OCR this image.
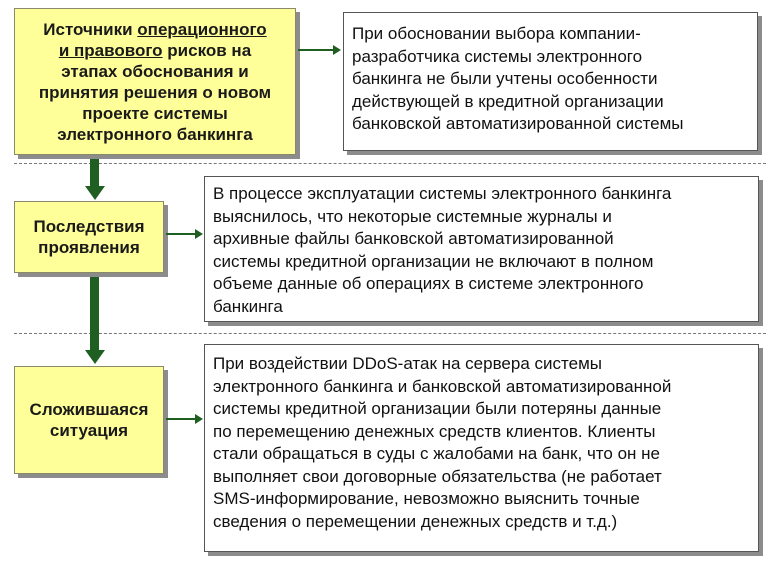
Источники операционного
и правового рисков на
этапах обоснования и
принятия решения о новом
проекте системы
электронного банкинга
При обосновании выбора компании-
разработчика системы электронного
банкинга не были учтены особенности
действующей в кредитной организации
банковской автоматизированной системы
Последствия
проявления
В процессе эксплуатации системы электронного банкинга
выяснилось, что некоторые системные журналы и
архивные файлы банковской автоматизированной
системы кредитной организации не включают в полном
объеме данные об операциях в системе электронного
банкинга
Сложившаяся
ситуация
При воздействии DDoS-атак на сервера системы
электронного банкинга и банковской автоматизированной
системы кредитной организации были потеряны данные
по перемещению денежных средств клиентов. Клиенты
стали обращаться в суды с жалобами на банк, что он не
выполняет свои договорные обязательства (не работает
SMS-информирование, невозможно выяснить точные
сведения о перемещении денежных средств и т.д.)
